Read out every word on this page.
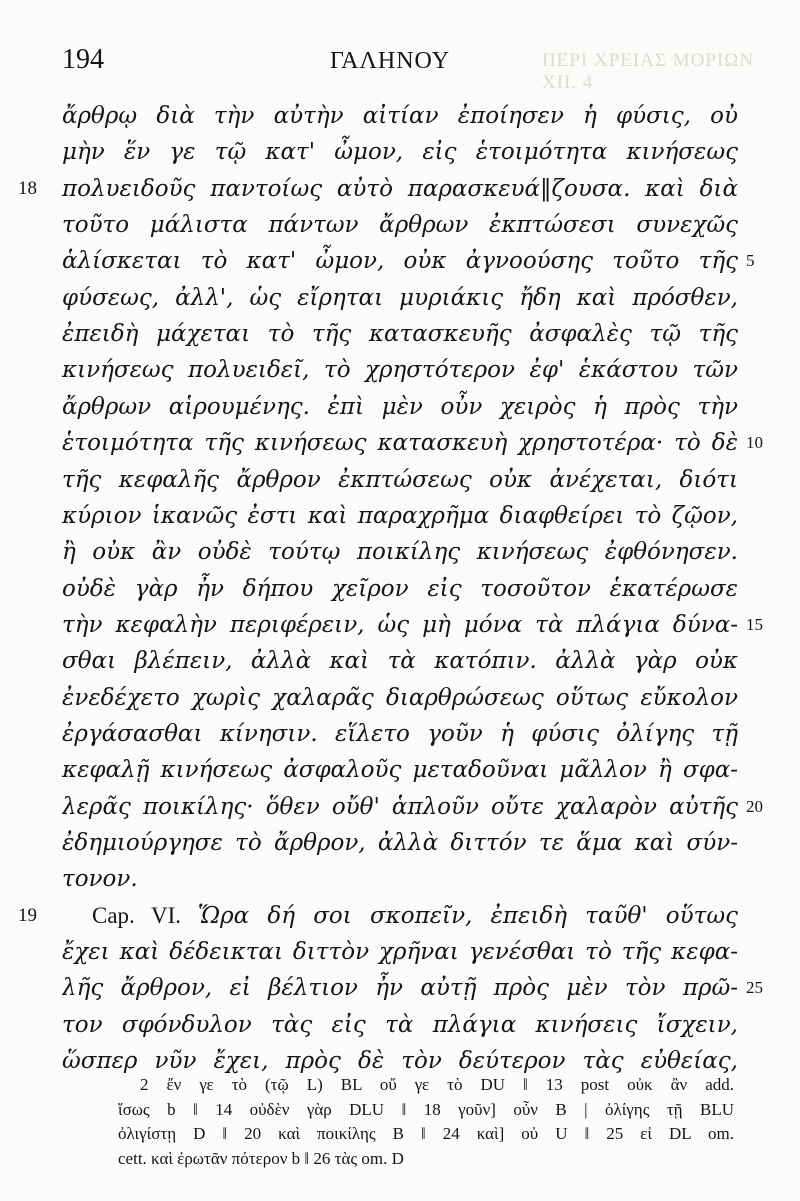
194	ΓΑΛΗΝΟΥ	ΠΕΡΙ ΧΡΕΙΑΣ ΜΟΡΙΩΝ ΧΙΙ. 4
ἄρθρῳ διὰ τὴν αὐτὴν αἰτίαν ἐποίησεν ἡ φύσις, οὐ
μὴν ἕν γε τῷ κατ' ὦμον, εἰς ἑτοιμότητα κινήσεως
πολυειδοῦς παντοίως αὐτὸ παρασκευά‖ζουσα. καὶ διὰ
18
τοῦτο μάλιστα πάντων ἄρθρων ἐκπτώσεσι συνεχῶς
ἁλίσκεται τὸ κατ' ὦμον, οὐκ ἀγνοούσης τοῦτο τῆς 5
φύσεως, ἀλλ', ὡς εἴρηται μυριάκις ἤδη καὶ πρόσθεν,
ἐπειδὴ μάχεται τὸ τῆς κατασκευῆς ἀσφαλὲς τῷ τῆς
κινήσεως πολυειδεῖ, τὸ χρηστότερον ἐφ' ἑκάστου τῶν
ἄρθρων αἱρουμένης. ἐπὶ μὲν οὖν χειρὸς ἡ πρὸς τὴν
ἑτοιμότητα τῆς κινήσεως κατασκευὴ χρηστοτέρα· τὸ δὲ 10
τῆς κεφαλῆς ἄρθρον ἐκπτώσεως οὐκ ἀνέχεται, διότι
κύριον ἱκανῶς ἐστι καὶ παραχρῆμα διαφθείρει τὸ ζῷον,
ἢ οὐκ ἂν οὐδὲ τούτῳ ποικίλης κινήσεως ἐφθόνησεν.
οὐδὲ γὰρ ἦν δήπου χεῖρον εἰς τοσοῦτον ἑκατέρωσε
τὴν κεφαλὴν περιφέρειν, ὡς μὴ μόνα τὰ πλάγια δύνα- 15
σθαι βλέπειν, ἀλλὰ καὶ τὰ κατόπιν. ἀλλὰ γὰρ οὐκ
ἐνεδέχετο χωρὶς χαλαρᾶς διαρθρώσεως οὕτως εὔκολον
ἐργάσασθαι κίνησιν. εἵλετο γοῦν ἡ φύσις ὀλίγης τῇ
κεφαλῇ κινήσεως ἀσφαλοῦς μεταδοῦναι μᾶλλον ἢ σφα-
λερᾶς ποικίλης· ὅθεν οὔθ' ἁπλοῦν οὔτε χαλαρὸν αὐτῆς 20
ἐδημιούργησε τὸ ἄρθρον, ἀλλὰ διττόν τε ἅμα καὶ σύν-
τονον.
Cap. VI. Ὥρα δή σοι σκοπεῖν, ἐπειδὴ ταῦθ' οὕτως
19
ἔχει καὶ δέδεικται διττὸν χρῆναι γενέσθαι τὸ τῆς κεφα-
λῆς ἄρθρον, εἰ βέλτιον ἦν αὐτῇ πρὸς μὲν τὸν πρῶ- 25
τον σφόνδυλον τὰς εἰς τὰ πλάγια κινήσεις ἴσχειν,
ὥσπερ νῦν ἔχει, πρὸς δὲ τὸν δεύτερον τὰς εὐθείας,
2 ἔν γε τὸ (τῷ L) BL οὔ γε τὸ DU ‖ 13 post οὐκ ἂν add.
ἴσως b ‖ 14 οὐδὲν γὰρ DLU ‖ 18 γοῦν] οὖν B | ὀλίγης τῇ BLU
ὀλιγίστῃ D ‖ 20 καὶ ποικίλης B ‖ 24 καὶ] οὐ U ‖ 25 εἰ DL om.
cett. καὶ ἐρωτᾶν πότερον b ‖ 26 τὰς om. D
